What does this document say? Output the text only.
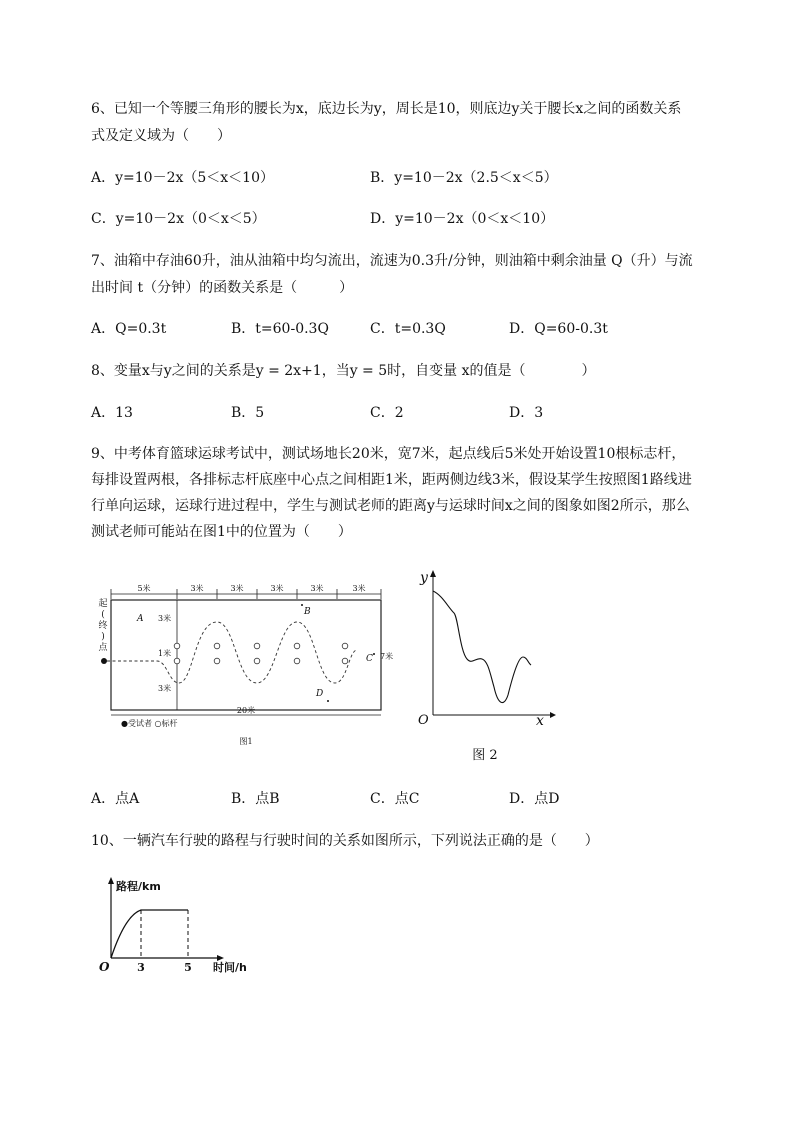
6、已知一个等腰三角形的腰长为x，底边长为y，周长是10，则底边y关于腰长x之间的函数关系
式及定义域为（　　）
A．y=10－2x（5＜x＜10）	B．y=10－2x（2.5＜x＜5）
C．y=10－2x（0＜x＜5）	D．y=10－2x（0＜x＜10）
7、油箱中存油60升，油从油箱中均匀流出，流速为0.3升/分钟，则油箱中剩余油量 Q（升）与流
出时间 t（分钟）的函数关系是（　　　）
A．Q=0.3t	B．t=60-0.3Q	C．t=0.3Q	D．Q=60-0.3t
8、变量x与y之间的关系是y = 2x+1，当y = 5时，自变量 x的值是（　　　　）
A．13	B．5	C．2	D．3
9、中考体育篮球运球考试中，测试场地长20米，宽7米，起点线后5米处开始设置10根标志杆，
每排设置两根，各排标志杆底座中心点之间相距1米，距两侧边线3米，假设某学生按照图1路线进
行单向运球，运球行进过程中，学生与测试老师的距离y与运球时间x之间的图象如图2所示，那么
测试老师可能站在图1中的位置为（　　）
5米	3米	3米	3米	3米	3米
起
(
终
)
点
3米
1米
3米
A
B
C
D
7米
20米
●受试者 ○标杆
图1
y
x
O
图 2
A．点A	B．点B	C．点C	D．点D
10、一辆汽车行驶的路程与行驶时间的关系如图所示，下列说法正确的是（　　）
路程/km
时间/h
O	3	5
